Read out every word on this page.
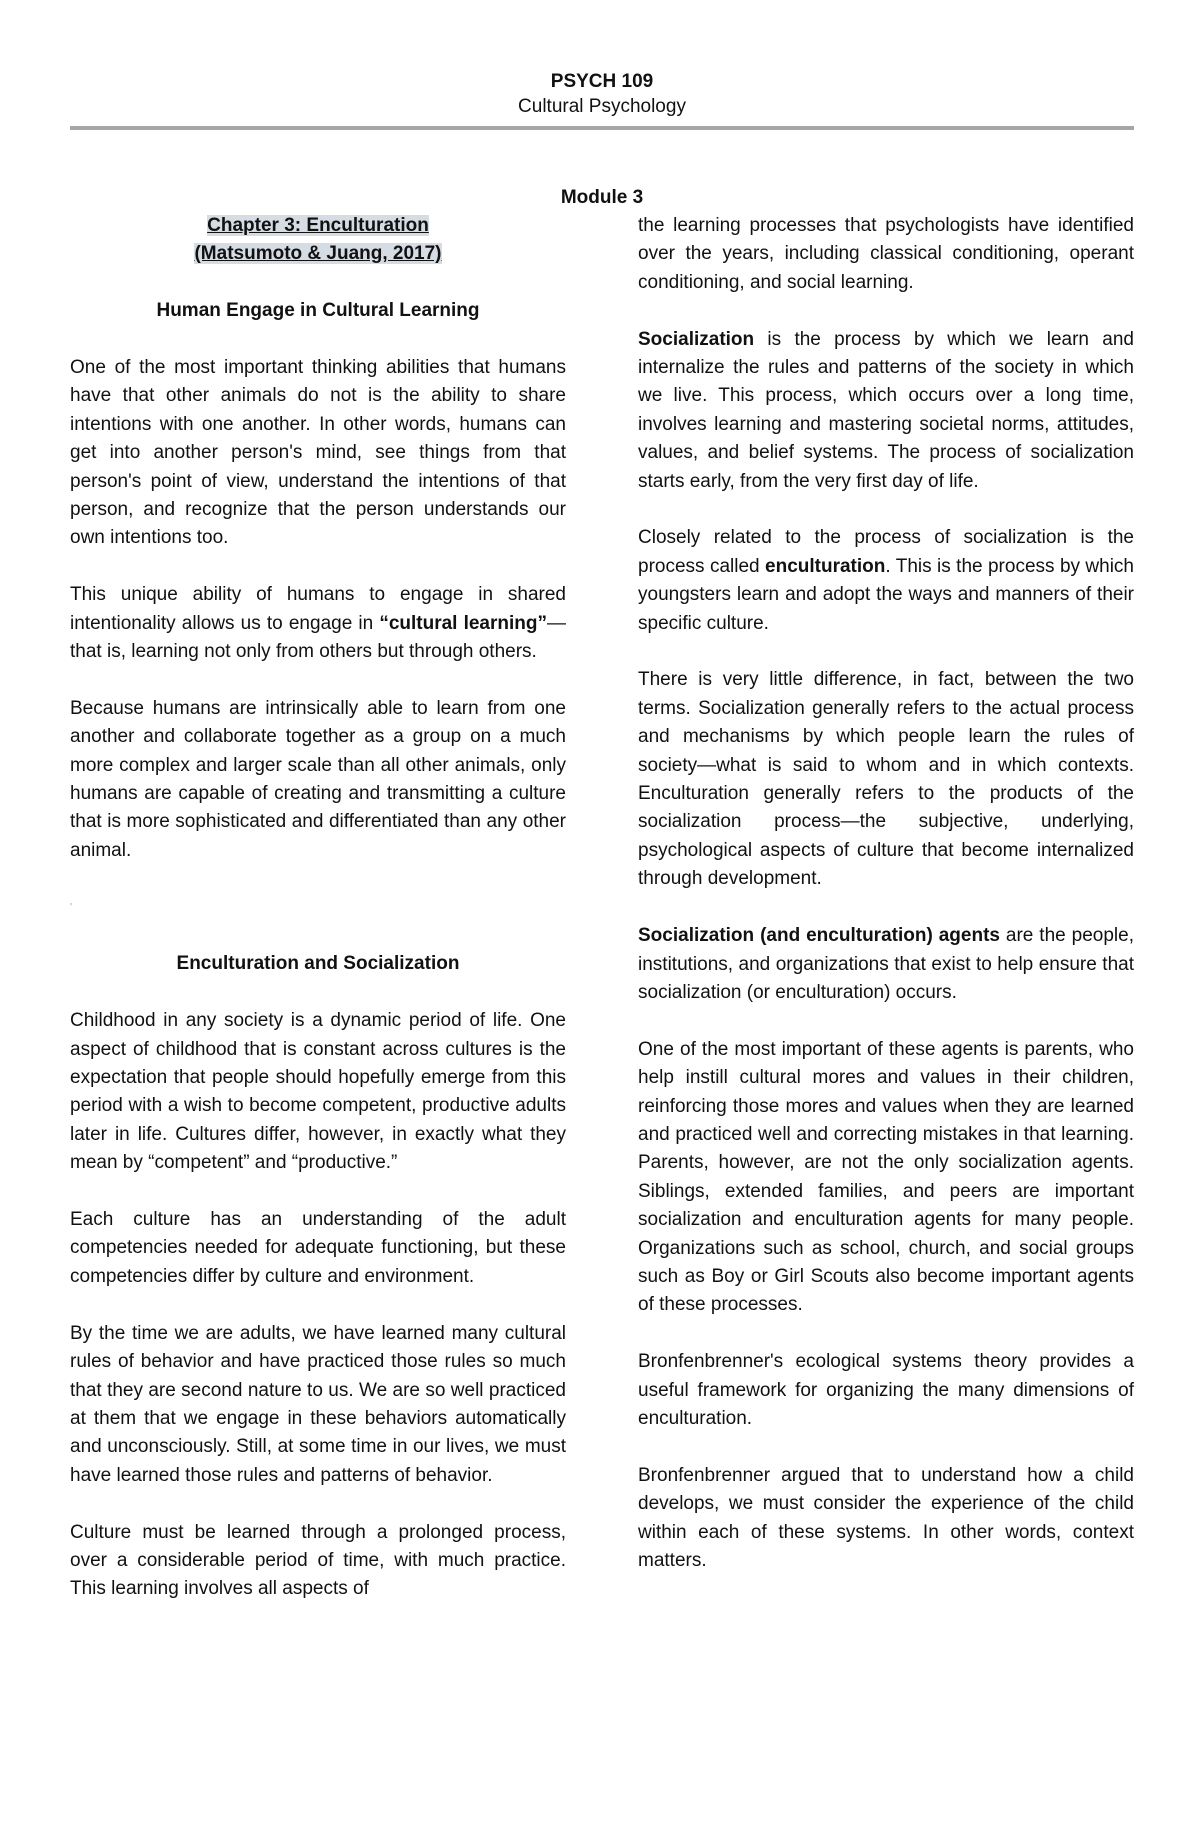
PSYCH 109
Cultural Psychology
Module 3
Chapter 3: Enculturation
(Matsumoto & Juang, 2017)
Human Engage in Cultural Learning

One of the most important thinking abilities that humans have that other animals do not is the ability to share intentions with one another. In other words, humans can get into another person's mind, see things from that person's point of view, understand the intentions of that person, and recognize that the person understands our own intentions too.

This unique ability of humans to engage in shared intentionality allows us to engage in “cultural learning”—that is, learning not only from others but through others.

Because humans are intrinsically able to learn from one another and collaborate together as a group on a much more complex and larger scale than all other animals, only humans are capable of creating and transmitting a culture that is more sophisticated and differentiated than any other animal.

'
Enculturation and Socialization

Childhood in any society is a dynamic period of life. One aspect of childhood that is constant across cultures is the expectation that people should hopefully emerge from this period with a wish to become competent, productive adults later in life. Cultures differ, however, in exactly what they mean by “competent” and “productive.”

Each culture has an understanding of the adult competencies needed for adequate functioning, but these competencies differ by culture and environment.

By the time we are adults, we have learned many cultural rules of behavior and have practiced those rules so much that they are second nature to us. We are so well practiced at them that we engage in these behaviors automatically and unconsciously. Still, at some time in our lives, we must have learned those rules and patterns of behavior.

Culture must be learned through a prolonged process, over a considerable period of time, with much practice. This learning involves all aspects of

the learning processes that psychologists have identified over the years, including classical conditioning, operant conditioning, and social learning.

Socialization is the process by which we learn and internalize the rules and patterns of the society in which we live. This process, which occurs over a long time, involves learning and mastering societal norms, attitudes, values, and belief systems. The process of socialization starts early, from the very first day of life.

Closely related to the process of socialization is the process called enculturation. This is the process by which youngsters learn and adopt the ways and manners of their specific culture.

There is very little difference, in fact, between the two terms. Socialization generally refers to the actual process and mechanisms by which people learn the rules of society—what is said to whom and in which contexts. Enculturation generally refers to the products of the socialization process—the subjective, underlying, psychological aspects of culture that become internalized through development.

Socialization (and enculturation) agents are the people, institutions, and organizations that exist to help ensure that socialization (or enculturation) occurs.

One of the most important of these agents is parents, who help instill cultural mores and values in their children, reinforcing those mores and values when they are learned and practiced well and correcting mistakes in that learning. Parents, however, are not the only socialization agents. Siblings, extended families, and peers are important socialization and enculturation agents for many people. Organizations such as school, church, and social groups such as Boy or Girl Scouts also become important agents of these processes.

Bronfenbrenner's ecological systems theory provides a useful framework for organizing the many dimensions of enculturation.

Bronfenbrenner argued that to understand how a child develops, we must consider the experience of the child within each of these systems. In other words, context matters.
